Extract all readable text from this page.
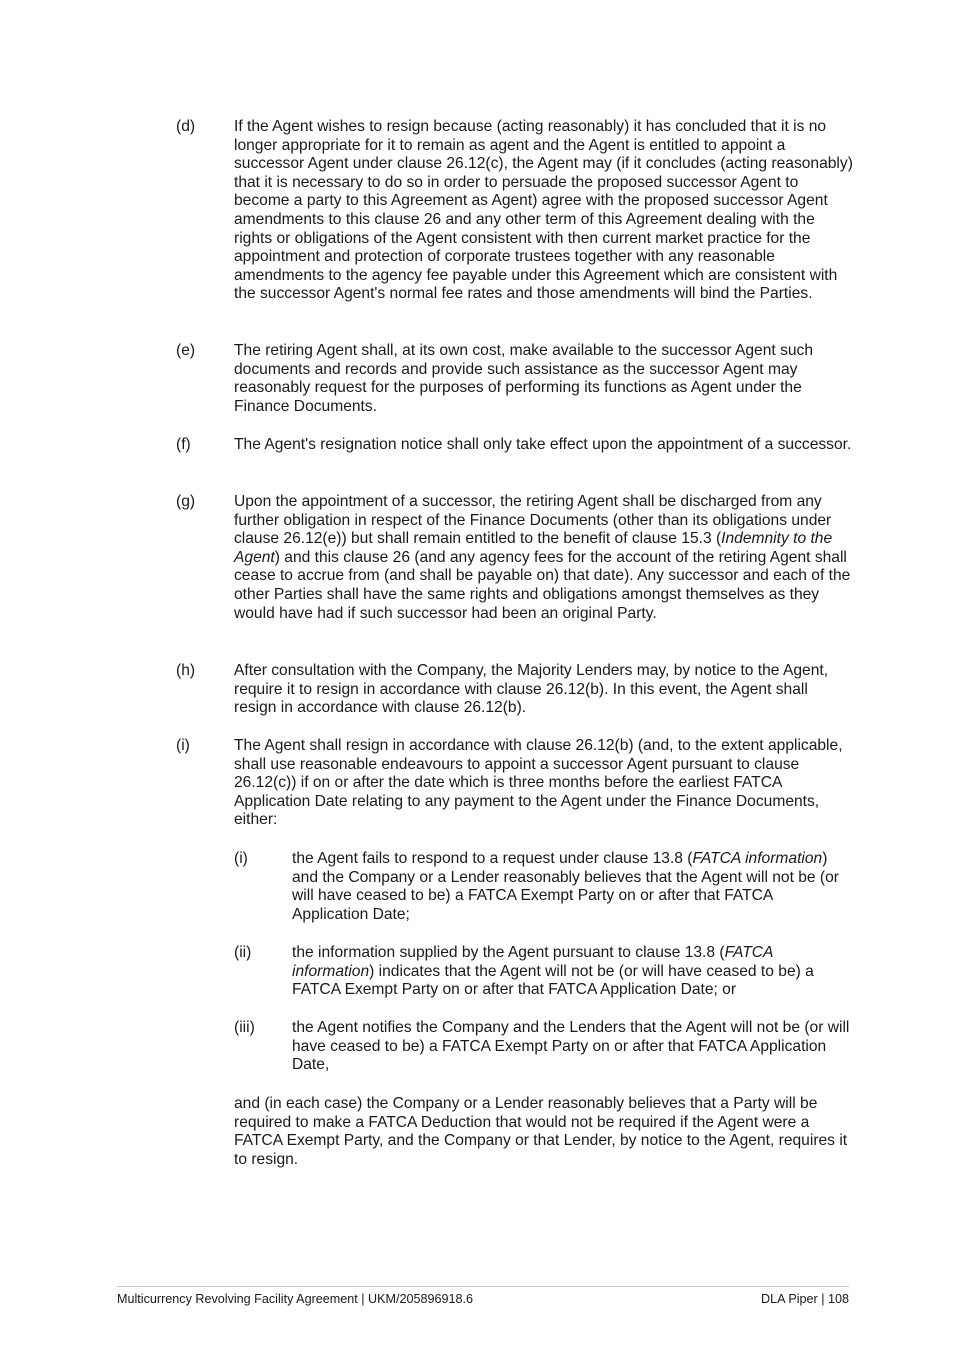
(d) If the Agent wishes to resign because (acting reasonably) it has concluded that it is no longer appropriate for it to remain as agent and the Agent is entitled to appoint a successor Agent under clause 26.12(c), the Agent may (if it concludes (acting reasonably) that it is necessary to do so in order to persuade the proposed successor Agent to become a party to this Agreement as Agent) agree with the proposed successor Agent amendments to this clause 26 and any other term of this Agreement dealing with the rights or obligations of the Agent consistent with then current market practice for the appointment and protection of corporate trustees together with any reasonable amendments to the agency fee payable under this Agreement which are consistent with the successor Agent's normal fee rates and those amendments will bind the Parties.

(e) The retiring Agent shall, at its own cost, make available to the successor Agent such documents and records and provide such assistance as the successor Agent may reasonably request for the purposes of performing its functions as Agent under the Finance Documents.

(f)	The Agent's resignation notice shall only take effect upon the appointment of a successor.

(g) Upon the appointment of a successor, the retiring Agent shall be discharged from any further obligation in respect of the Finance Documents (other than its obligations under clause 26.12(e)) but shall remain entitled to the benefit of clause 15.3 (Indemnity to the Agent) and this clause 26 (and any agency fees for the account of the retiring Agent shall cease to accrue from (and shall be payable on) that date). Any successor and each of the other Parties shall have the same rights and obligations amongst themselves as they would have had if such successor had been an original Party.

(h) After consultation with the Company, the Majority Lenders may, by notice to the Agent, require it to resign in accordance with clause 26.12(b). In this event, the Agent shall resign in accordance with clause 26.12(b).

(i)	The Agent shall resign in accordance with clause 26.12(b) (and, to the extent applicable, shall use reasonable endeavours to appoint a successor Agent pursuant to clause 26.12(c)) if on or after the date which is three months before the earliest FATCA Application Date relating to any payment to the Agent under the Finance Documents, either:

(i)	the Agent fails to respond to a request under clause 13.8 (FATCA information) and the Company or a Lender reasonably believes that the Agent will not be (or will have ceased to be) a FATCA Exempt Party on or after that FATCA Application Date;

(ii)	the information supplied by the Agent pursuant to clause 13.8 (FATCA information) indicates that the Agent will not be (or will have ceased to be) a FATCA Exempt Party on or after that FATCA Application Date; or

(iii) the Agent notifies the Company and the Lenders that the Agent will not be (or will have ceased to be) a FATCA Exempt Party on or after that FATCA Application Date,

and (in each case) the Company or a Lender reasonably believes that a Party will be required to make a FATCA Deduction that would not be required if the Agent were a FATCA Exempt Party, and the Company or that Lender, by notice to the Agent, requires it to resign.

Multicurrency Revolving Facility Agreement | UKM/205896918.6	DLA Piper | 108
